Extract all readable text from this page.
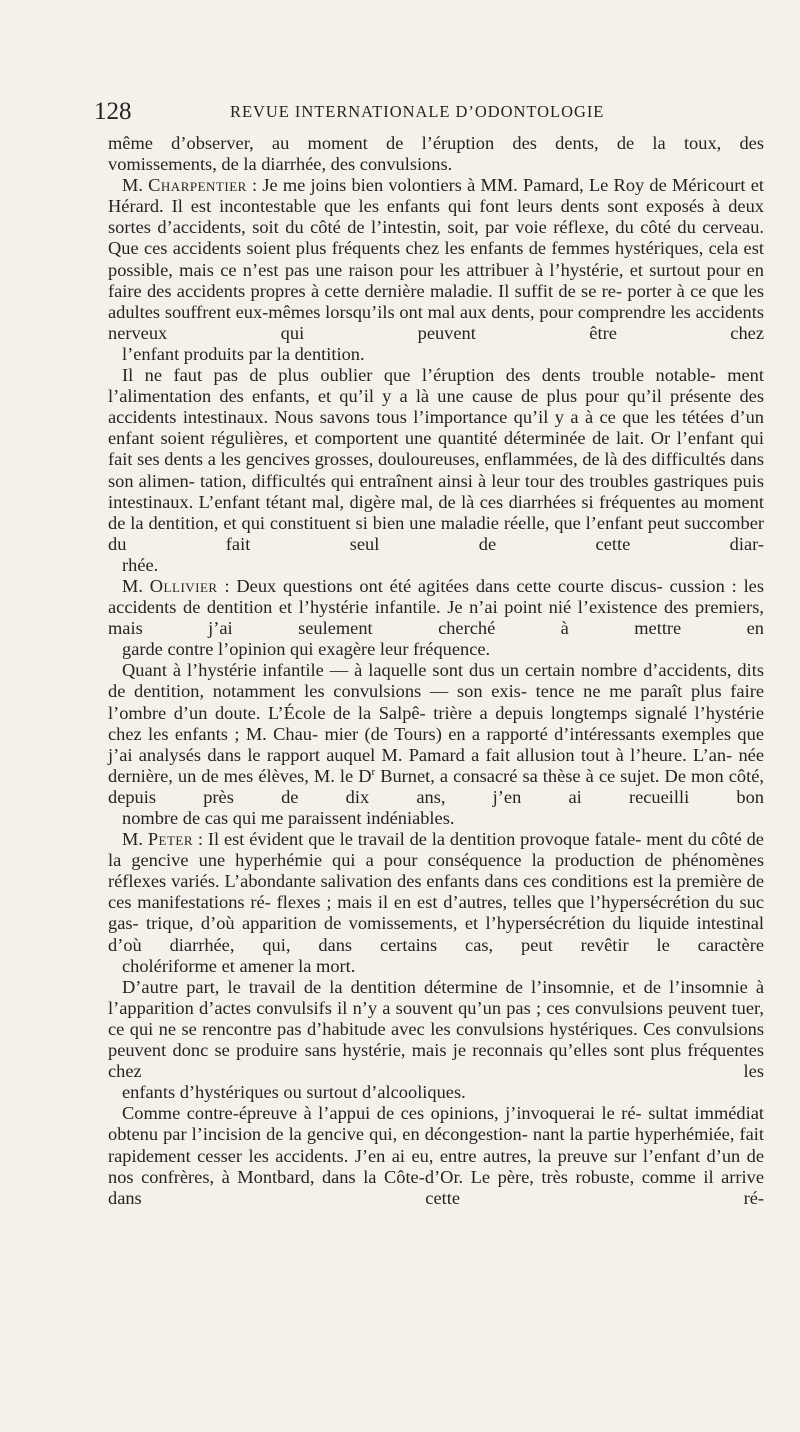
128	REVUE INTERNATIONALE D’ODONTOLOGIE

même d’observer, au moment de l’éruption des dents, de la toux, des
vomissements, de la diarrhée, des convulsions.

M. Charpentier : Je me joins bien volontiers à MM. Pamard, Le Roy de Méricourt et Hérard. Il est incontestable que les enfants qui font leurs dents sont exposés à deux sortes d’accidents, soit du côté de l’intestin, soit, par voie réflexe, du côté du cerveau. Que ces accidents soient plus fréquents chez les enfants de femmes hystériques, cela est possible, mais ce n’est pas une raison pour les attribuer à l’hystérie, et surtout pour en faire des accidents propres à cette dernière maladie. Il suffit de se re- porter à ce que les adultes souffrent eux-mêmes lorsqu’ils ont mal aux dents, pour comprendre les accidents nerveux qui peuvent être chez
l’enfant produits par la dentition.

Il ne faut pas de plus oublier que l’éruption des dents trouble notable- ment l’alimentation des enfants, et qu’il y a là une cause de plus pour qu’il présente des accidents intestinaux. Nous savons tous l’importance qu’il y a à ce que les tétées d’un enfant soient régulières, et comportent une quantité déterminée de lait. Or l’enfant qui fait ses dents a les gencives grosses, douloureuses, enflammées, de là des difficultés dans son alimen- tation, difficultés qui entraînent ainsi à leur tour des troubles gastriques puis intestinaux. L’enfant tétant mal, digère mal, de là ces diarrhées si fréquentes au moment de la dentition, et qui constituent si bien une maladie réelle, que l’enfant peut succomber du fait seul de cette diar-
rhée.

M. Ollivier : Deux questions ont été agitées dans cette courte discus- cussion : les accidents de dentition et l’hystérie infantile. Je n’ai point nié l’existence des premiers, mais j’ai seulement cherché à mettre en
garde contre l’opinion qui exagère leur fréquence.

Quant à l’hystérie infantile — à laquelle sont dus un certain nombre d’accidents, dits de dentition, notamment les convulsions — son exis- tence ne me paraît plus faire l’ombre d’un doute. L’École de la Salpê- trière a depuis longtemps signalé l’hystérie chez les enfants ; M. Chau- mier (de Tours) en a rapporté d’intéressants exemples que j’ai analysés dans le rapport auquel M. Pamard a fait allusion tout à l’heure. L’an- née dernière, un de mes élèves, M. le $D^r$ Burnet, a consacré sa thèse à ce sujet. De mon côté, depuis près de dix ans, j’en ai recueilli bon
nombre de cas qui me paraissent indéniables.

M. Peter : Il est évident que le travail de la dentition provoque fatale- ment du côté de la gencive une hyperhémie qui a pour conséquence la production de phénomènes réflexes variés. L’abondante salivation des enfants dans ces conditions est la première de ces manifestations ré- flexes ; mais il en est d’autres, telles que l’hypersécrétion du suc gas- trique, d’où apparition de vomissements, et l’hypersécrétion du liquide intestinal d’où diarrhée, qui, dans certains cas, peut revêtir le caractère
cholériforme et amener la mort.

D’autre part, le travail de la dentition détermine de l’insomnie, et de l’insomnie à l’apparition d’actes convulsifs il n’y a souvent qu’un pas ; ces convulsions peuvent tuer, ce qui ne se rencontre pas d’habitude avec les convulsions hystériques. Ces convulsions peuvent donc se produire sans hystérie, mais je reconnais qu’elles sont plus fréquentes chez les
enfants d’hystériques ou surtout d’alcooliques.

Comme contre-épreuve à l’appui de ces opinions, j’invoquerai le ré- sultat immédiat obtenu par l’incision de la gencive qui, en décongestion- nant la partie hyperhémiée, fait rapidement cesser les accidents. J’en ai eu, entre autres, la preuve sur l’enfant d’un de nos confrères, à Montbard, dans la Côte-d’Or. Le père, très robuste, comme il arrive dans cette ré-
